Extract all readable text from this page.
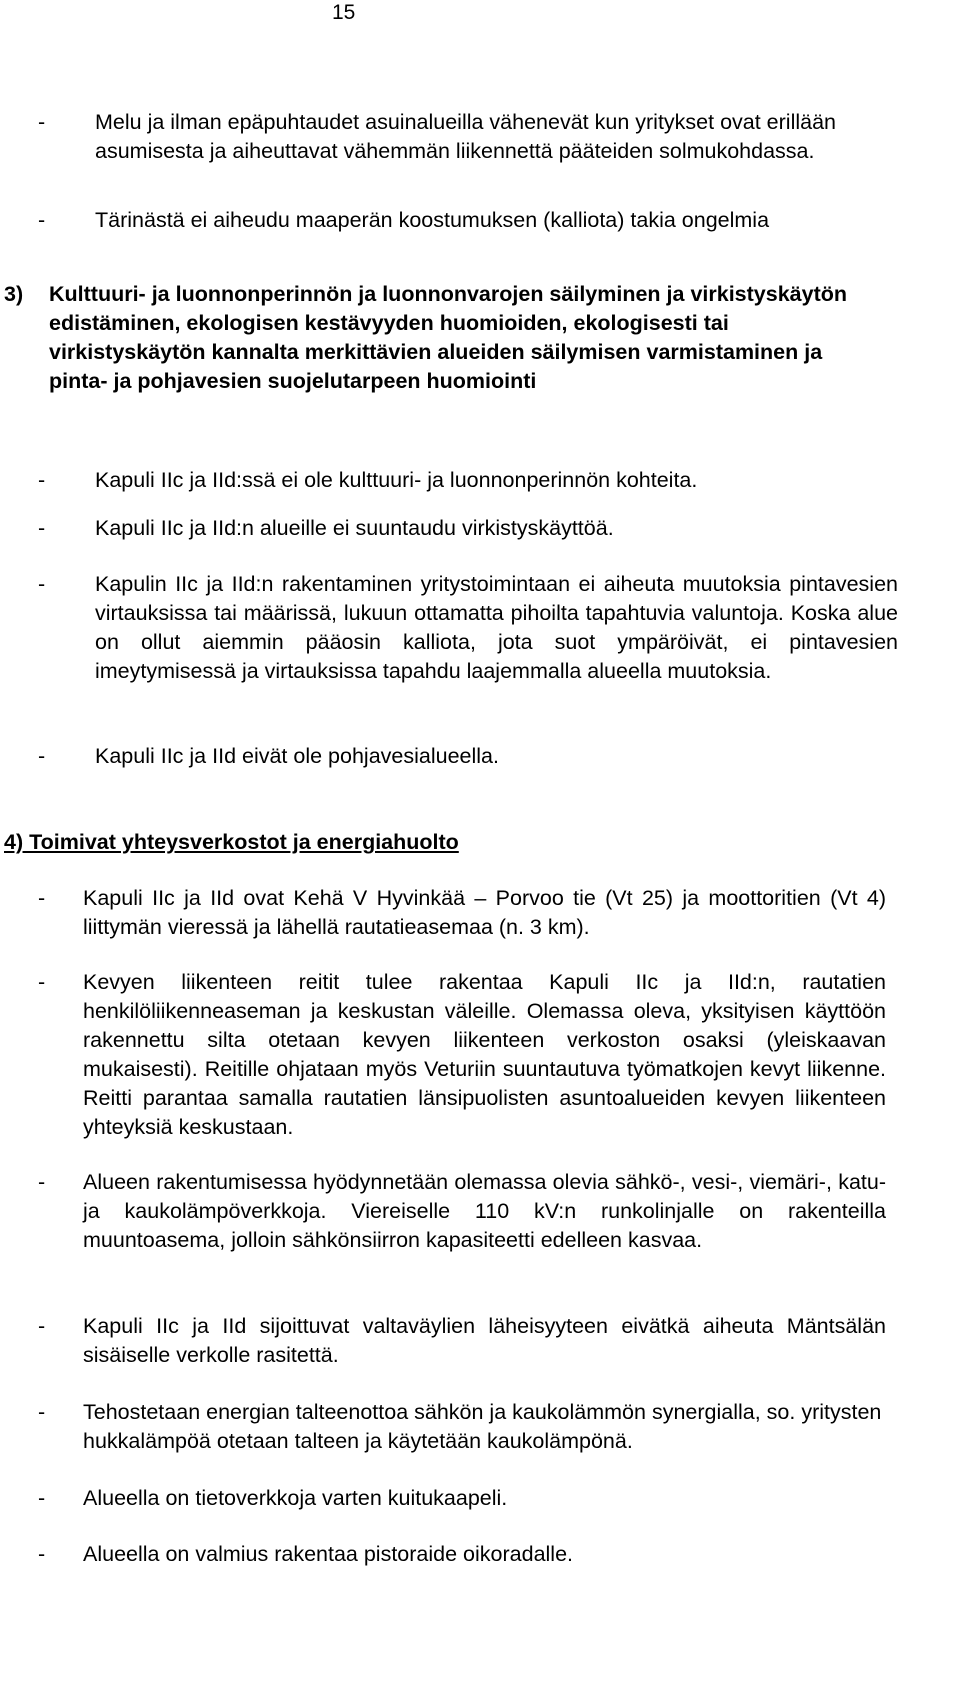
15
-	Melu ja ilman epäpuhtaudet asuinalueilla vähenevät kun yritykset ovat erillään asumisesta ja aiheuttavat vähemmän liikennettä pääteiden solmukohdassa.
-	Tärinästä ei aiheudu maaperän koostumuksen (kalliota) takia ongelmia
3)	Kulttuuri- ja luonnonperinnön ja luonnonvarojen säilyminen ja virkistyskäytön edistäminen, ekologisen kestävyyden huomioiden, ekologisesti tai virkistyskäytön kannalta merkittävien alueiden säilymisen varmistaminen ja pinta- ja pohjavesien suojelutarpeen huomiointi
-	Kapuli IIc ja IId:ssä ei ole kulttuuri- ja luonnonperinnön kohteita.
-	Kapuli IIc ja IId:n alueille ei suuntaudu virkistyskäyttöä.
-	Kapulin IIc ja IId:n rakentaminen yritystoimintaan ei aiheuta muutoksia pintavesien virtauksissa tai määrissä, lukuun ottamatta pihoilta tapahtuvia valuntoja. Koska alue on ollut aiemmin pääosin kalliota, jota suot ympäröivät, ei pintavesien imeytymisessä ja virtauksissa tapahdu laajemmalla alueella muutoksia.
-	Kapuli IIc ja IId eivät ole pohjavesialueella.
4) Toimivat yhteysverkostot ja energiahuolto
-	Kapuli IIc ja IId ovat Kehä V Hyvinkää – Porvoo tie (Vt 25) ja moottoritien (Vt 4) liittymän vieressä ja lähellä rautatieasemaa (n. 3 km).
-	Kevyen liikenteen reitit tulee rakentaa Kapuli IIc ja IId:n, rautatien henkilöliikenneaseman ja keskustan väleille. Olemassa oleva, yksityisen käyttöön rakennettu silta otetaan kevyen liikenteen verkoston osaksi (yleiskaavan mukaisesti). Reitille ohjataan myös Veturiin suuntautuva työmatkojen kevyt liikenne. Reitti parantaa samalla rautatien länsipuolisten asuntoalueiden kevyen liikenteen yhteyksiä keskustaan.
-	Alueen rakentumisessa hyödynnetään olemassa olevia sähkö-, vesi-, viemäri-, katu- ja kaukolämpöverkkoja. Viereiselle 110 kV:n runkolinjalle on rakenteilla muuntoasema, jolloin sähkönsiirron kapasiteetti edelleen kasvaa.
-	Kapuli IIc ja IId sijoittuvat valtaväylien läheisyyteen eivätkä aiheuta Mäntsälän sisäiselle verkolle rasitettä.
-	Tehostetaan energian talteenottoa sähkön ja kaukolämmön synergialla, so. yritysten hukkalämpöä otetaan talteen ja käytetään kaukolämpönä.
-	Alueella on tietoverkkoja varten kuitukaapeli.
-	Alueella on valmius rakentaa pistoraide oikoradalle.
